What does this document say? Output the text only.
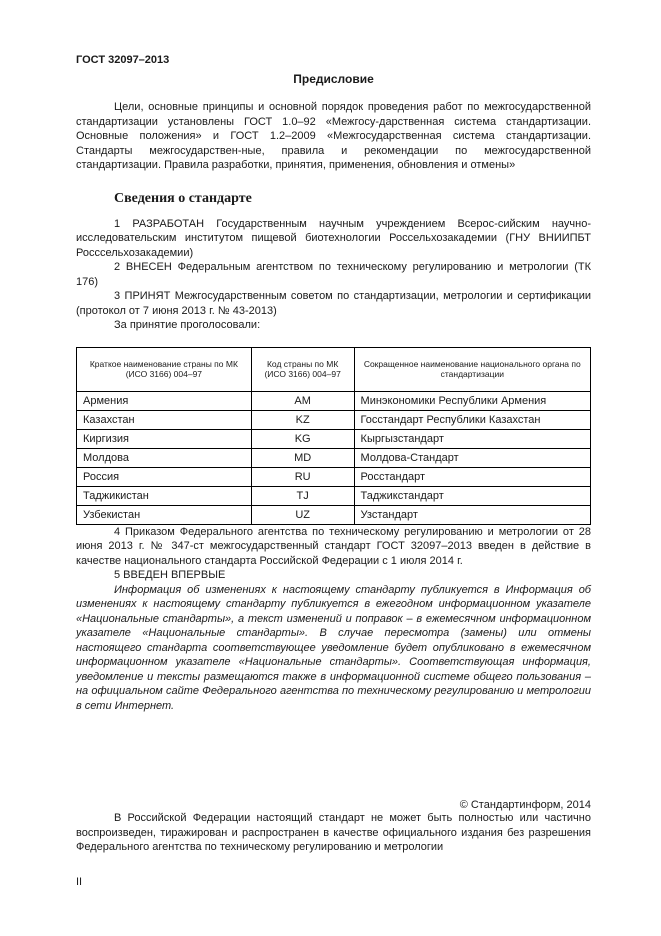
ГОСТ 32097–2013
Предисловие

Цели, основные принципы и основной порядок проведения работ по межгосударственной стандартизации установлены ГОСТ 1.0–92 «Межгосу-дарственная система стандартизации. Основные положения» и ГОСТ 1.2–2009 «Межгосударственная система стандартизации. Стандарты межгосударствен-ные, правила и рекомендации по межгосударственной стандартизации. Правила разработки, принятия, применения, обновления и отмены»

Сведения о стандарте

1 РАЗРАБОТАН Государственным научным учреждением Всерос-сийским научно-исследовательским институтом пищевой биотехнологии Россельхозакадемии (ГНУ ВНИИПБТ Росссельхозакадемии)

2 ВНЕСЕН Федеральным агентством по техническому регулированию и метрологии (ТК 176)

3 ПРИНЯТ Межгосударственным советом по стандартизации, метрологии и сертификации (протокол от 7 июня 2013 г. № 43-2013)

За принятие проголосовали:

Краткое наименование страны по МК (ИСО 3166) 004–97	Код страны по МК (ИСО 3166) 004–97	Сокращенное наименование национального органа по стандартизации
Армения	AM	Минэкономики Республики Армения
Казахстан	KZ	Госстандарт Республики Казахстан
Киргизия	KG	Кыргызстандарт
Молдова	MD	Молдова-Стандарт
Россия	RU	Росстандарт
Таджикистан	TJ	Таджикстандарт
Узбекистан	UZ	Узстандарт

4 Приказом Федерального агентства по техническому регулированию и метрологии от 28 июня 2013 г. № 347-ст межгосударственный стандарт ГОСТ 32097–2013 введен в действие в качестве национального стандарта Российской Федерации с 1 июля 2014 г.

5 ВВЕДЕН ВПЕРВЫЕ

Информация об изменениях к настоящему стандарту публикуется в Информация об изменениях к настоящему стандарту публикуется в ежегодном информационном указателе «Национальные стандарты», а текст изменений и поправок – в ежемесячном информационном указателе «Национальные стандарты». В случае пересмотра (замены) или отмены настоящего стандарта соответствующее уведомление будет опубликовано в ежемесячном информационном указателе «Национальные стандарты». Соответствующая информация, уведомление и тексты размещаются также в информационной системе общего пользования – на официальном сайте Федерального агентства по техническому регулированию и метрологии в сети Интернет.

© Стандартинформ, 2014

В Российской Федерации настоящий стандарт не может быть полностью или частично воспроизведен, тиражирован и распространен в качестве официального издания без разрешения Федерального агентства по техническому регулированию и метрологии

II
